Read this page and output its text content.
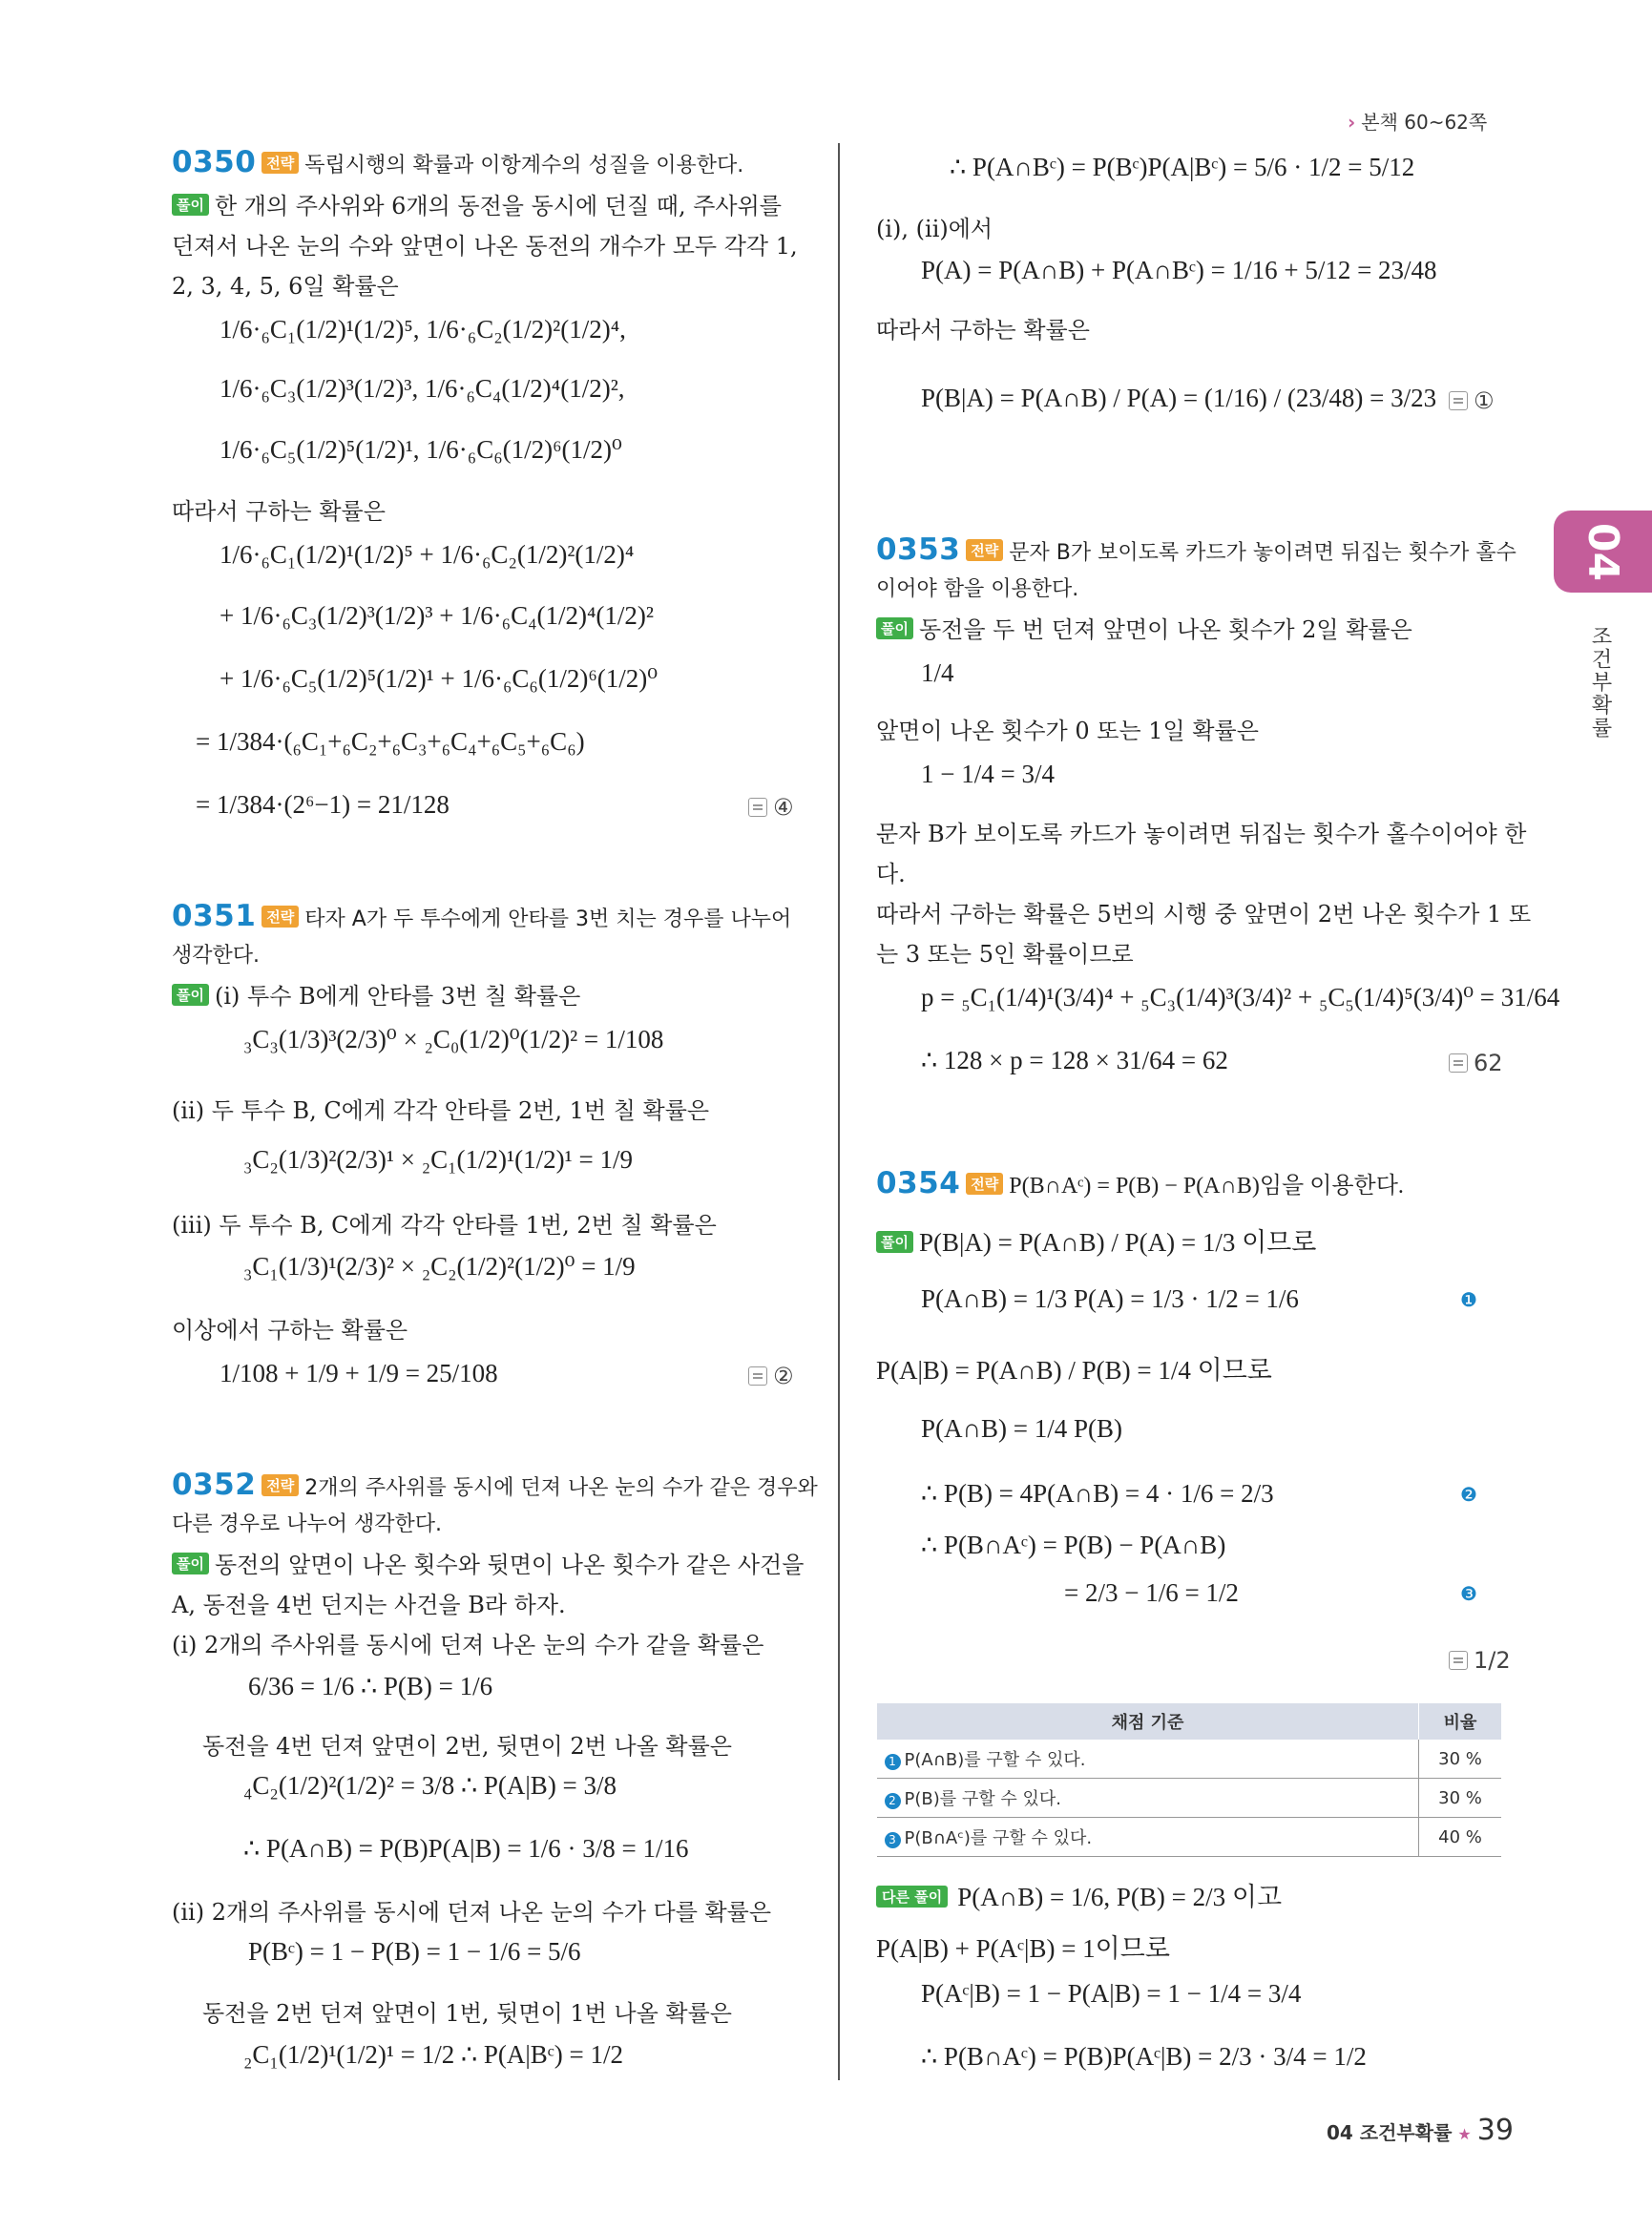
› 본책 60~62쪽
04
조건부확률
0350 전략 독립시행의 확률과 이항계수의 성질을 이용한다.
풀이 한 개의 주사위와 6개의 동전을 동시에 던질 때, 주사위를
던져서 나온 눈의 수와 앞면이 나온 동전의 개수가 모두 각각 1,
2, 3, 4, 5, 6일 확률은
1/6·₆C₁(1/2)¹(1/2)⁵, 1/6·₆C₂(1/2)²(1/2)⁴,
1/6·₆C₃(1/2)³(1/2)³, 1/6·₆C₄(1/2)⁴(1/2)²,
1/6·₆C₅(1/2)⁵(1/2)¹, 1/6·₆C₆(1/2)⁶(1/2)⁰
따라서 구하는 확률은
1/6·₆C₁(1/2)¹(1/2)⁵ + 1/6·₆C₂(1/2)²(1/2)⁴
+ 1/6·₆C₃(1/2)³(1/2)³ + 1/6·₆C₄(1/2)⁴(1/2)²
+ 1/6·₆C₅(1/2)⁵(1/2)¹ + 1/6·₆C₆(1/2)⁶(1/2)⁰
= 1/384·(₆C₁+₆C₂+₆C₃+₆C₄+₆C₅+₆C₆)
= 1/384·(2⁶−1) = 21/128	④
0351 전략 타자 A가 두 투수에게 안타를 3번 치는 경우를 나누어
생각한다.
풀이 (i) 투수 B에게 안타를 3번 칠 확률은
₃C₃(1/3)³(2/3)⁰ × ₂C₀(1/2)⁰(1/2)² = 1/108
(ii) 두 투수 B, C에게 각각 안타를 2번, 1번 칠 확률은
₃C₂(1/3)²(2/3)¹ × ₂C₁(1/2)¹(1/2)¹ = 1/9
(iii) 두 투수 B, C에게 각각 안타를 1번, 2번 칠 확률은
₃C₁(1/3)¹(2/3)² × ₂C₂(1/2)²(1/2)⁰ = 1/9
이상에서 구하는 확률은
1/108 + 1/9 + 1/9 = 25/108	②
0352 전략 2개의 주사위를 동시에 던져 나온 눈의 수가 같은 경우와
다른 경우로 나누어 생각한다.
풀이 동전의 앞면이 나온 횟수와 뒷면이 나온 횟수가 같은 사건을
A, 동전을 4번 던지는 사건을 B라 하자.
(i) 2개의 주사위를 동시에 던져 나온 눈의 수가 같을 확률은
6/36 = 1/6 ∴ P(B) = 1/6
동전을 4번 던져 앞면이 2번, 뒷면이 2번 나올 확률은
₄C₂(1/2)²(1/2)² = 3/8 ∴ P(A|B) = 3/8
∴ P(A∩B) = P(B)P(A|B) = 1/6 · 3/8 = 1/16
(ii) 2개의 주사위를 동시에 던져 나온 눈의 수가 다를 확률은
P(Bᶜ) = 1 − P(B) = 1 − 1/6 = 5/6
동전을 2번 던져 앞면이 1번, 뒷면이 1번 나올 확률은
₂C₁(1/2)¹(1/2)¹ = 1/2 ∴ P(A|Bᶜ) = 1/2
∴ P(A∩Bᶜ) = P(Bᶜ)P(A|Bᶜ) = 5/6 · 1/2 = 5/12
(i), (ii)에서
P(A) = P(A∩B) + P(A∩Bᶜ) = 1/16 + 5/12 = 23/48
따라서 구하는 확률은
P(B|A) = P(A∩B) / P(A) = (1/16) / (23/48) = 3/23	①
0353 전략 문자 B가 보이도록 카드가 놓이려면 뒤집는 횟수가 홀수
이어야 함을 이용한다.
풀이 동전을 두 번 던져 앞면이 나온 횟수가 2일 확률은
1/4
앞면이 나온 횟수가 0 또는 1일 확률은
1 − 1/4 = 3/4
문자 B가 보이도록 카드가 놓이려면 뒤집는 횟수가 홀수이어야 한
다.
따라서 구하는 확률은 5번의 시행 중 앞면이 2번 나온 횟수가 1 또
는 3 또는 5인 확률이므로
p = ₅C₁(1/4)¹(3/4)⁴ + ₅C₃(1/4)³(3/4)² + ₅C₅(1/4)⁵(3/4)⁰ = 31/64
∴ 128 × p = 128 × 31/64 = 62	62
0354 전략 P(B∩Aᶜ) = P(B) − P(A∩B)임을 이용한다.
풀이 P(B|A) = P(A∩B) / P(A) = 1/3 이므로
P(A∩B) = 1/3 P(A) = 1/3 · 1/2 = 1/6	❶
P(A|B) = P(A∩B) / P(B) = 1/4 이므로
P(A∩B) = 1/4 P(B)
∴ P(B) = 4P(A∩B) = 4 · 1/6 = 2/3	❷
∴ P(B∩Aᶜ) = P(B) − P(A∩B)
= 2/3 − 1/6 = 1/2	❸
1/2
채점 기준	비율
1 P(A∩B)를 구할 수 있다.	30 %
2 P(B)를 구할 수 있다.	30 %
3 P(B∩Aᶜ)를 구할 수 있다.	40 %
다른 풀이 P(A∩B) = 1/6, P(B) = 2/3 이고
P(A|B) + P(Aᶜ|B) = 1이므로
P(Aᶜ|B) = 1 − P(A|B) = 1 − 1/4 = 3/4
∴ P(B∩Aᶜ) = P(B)P(Aᶜ|B) = 2/3 · 3/4 = 1/2
04 조건부확률 ★ 39
